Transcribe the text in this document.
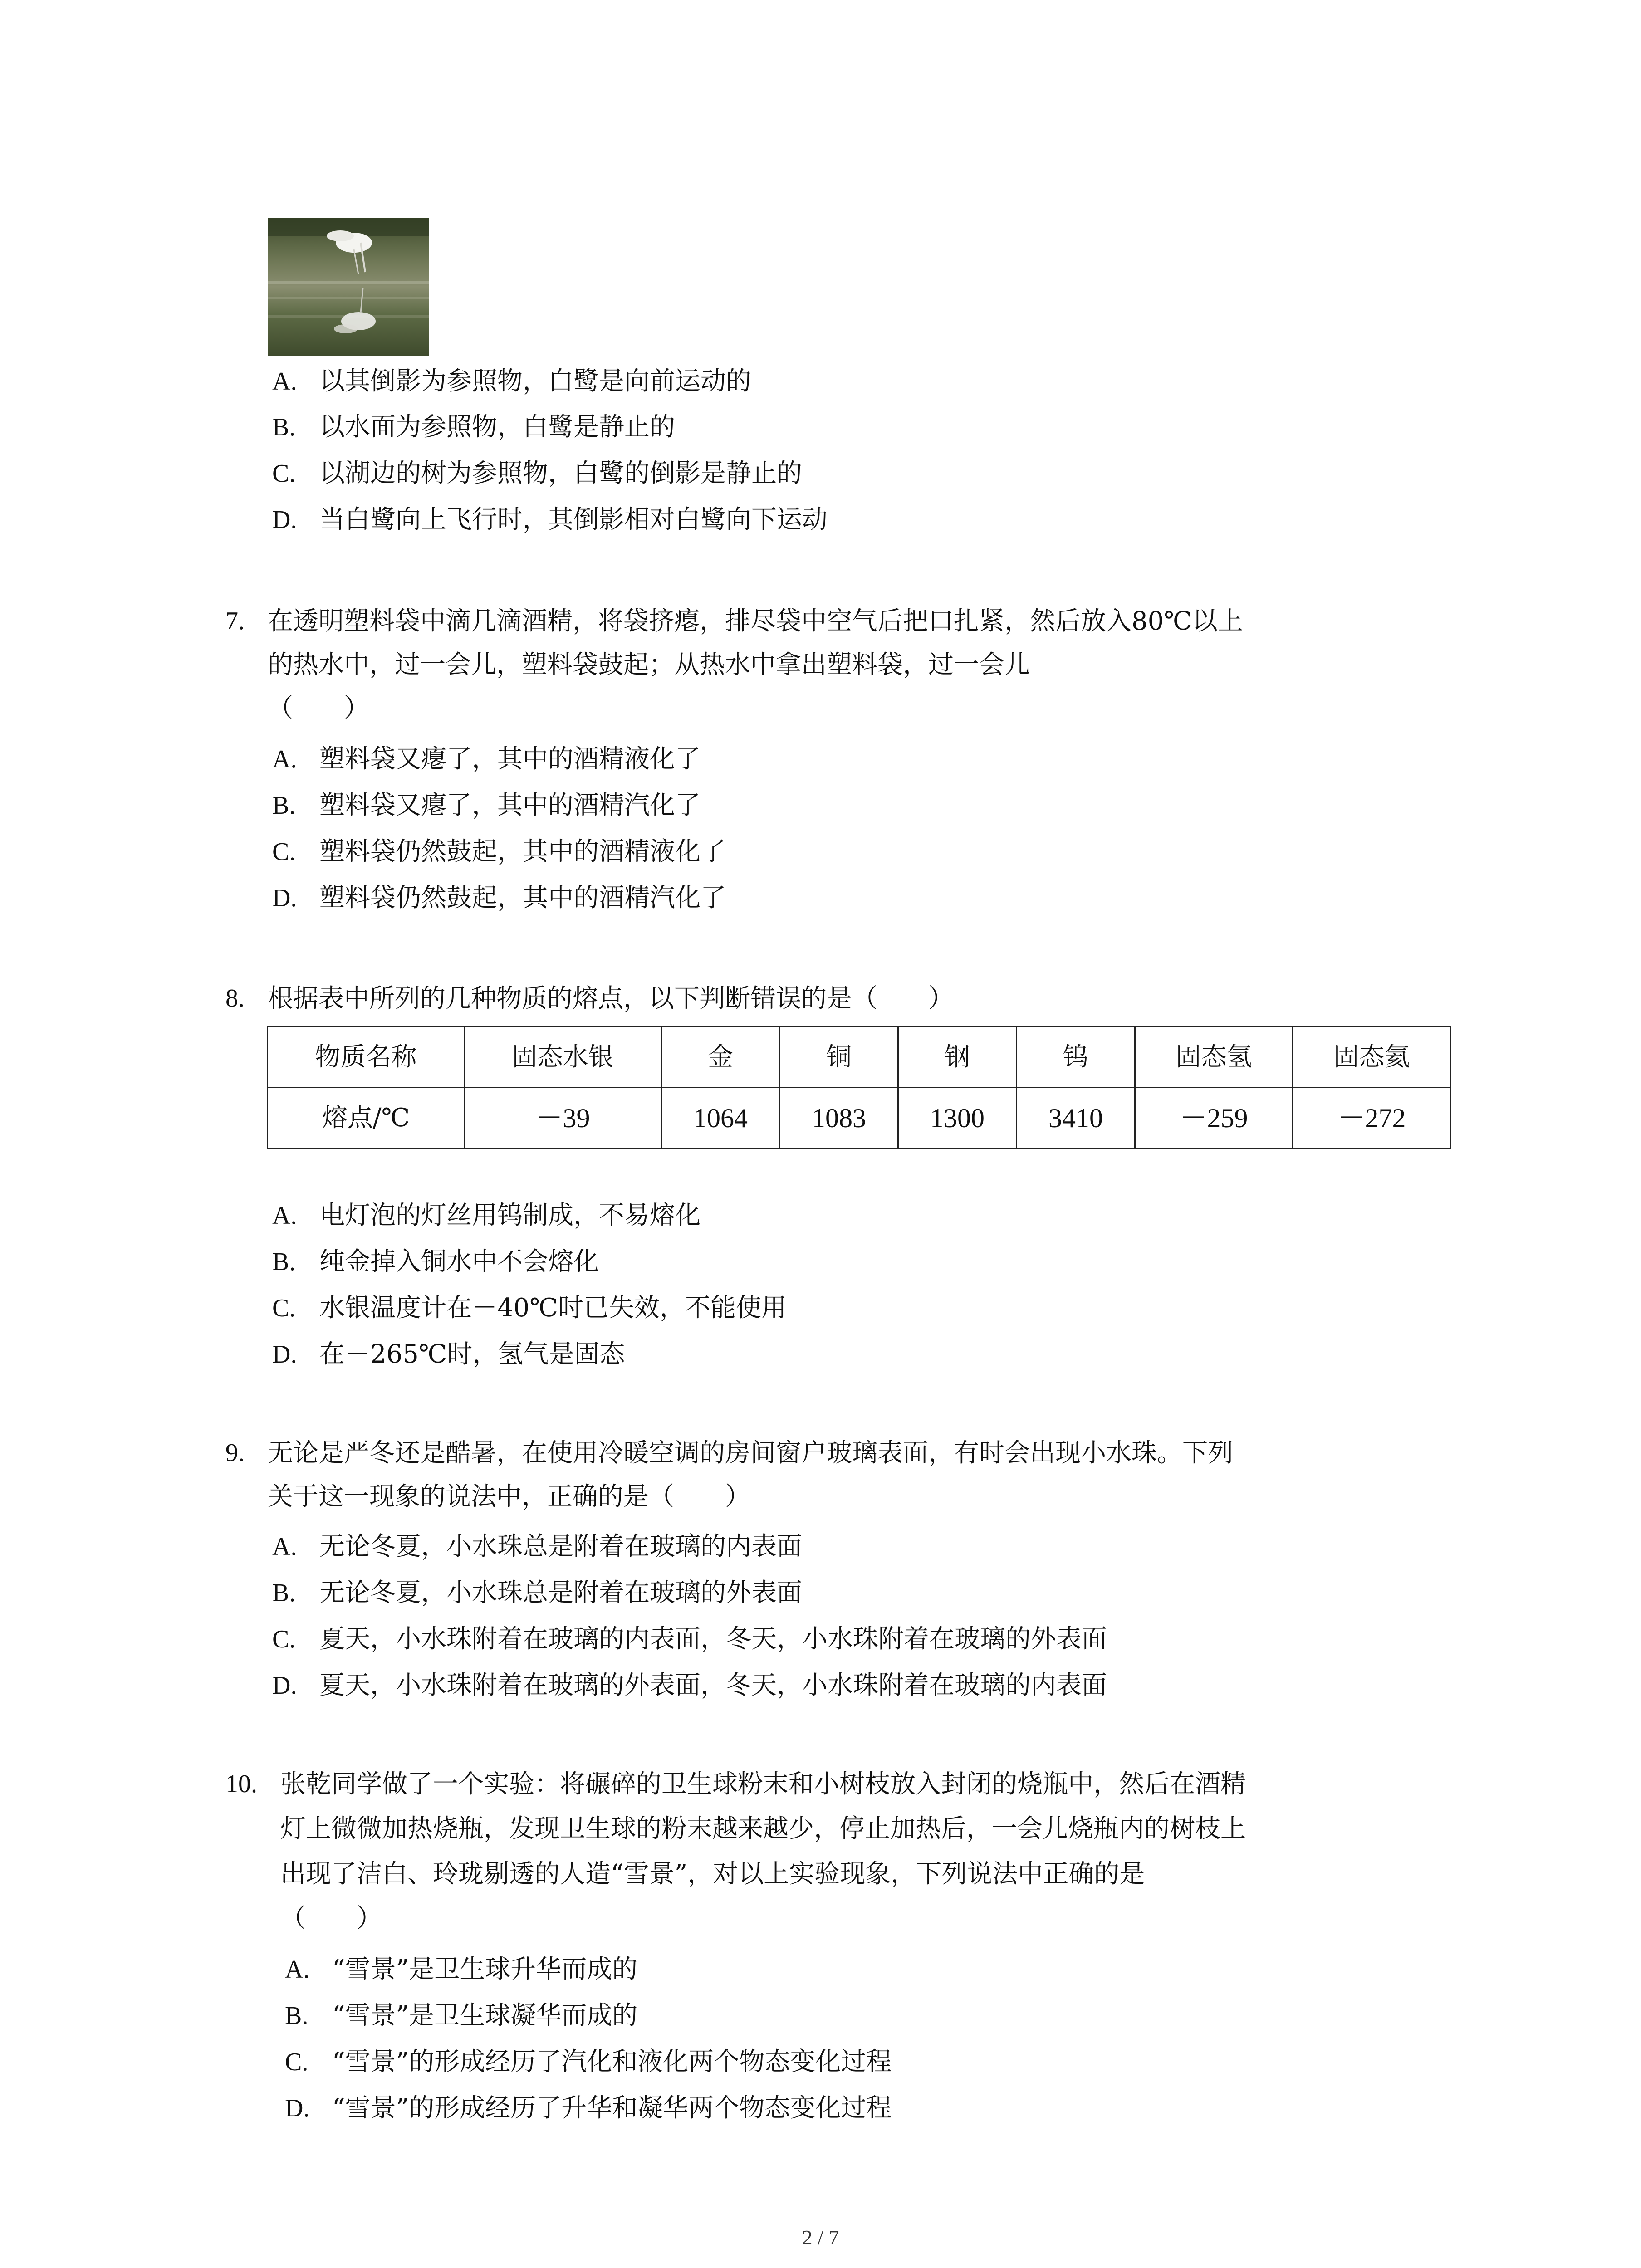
A. 以其倒影为参照物，白鹭是向前运动的
B. 以水面为参照物，白鹭是静止的
C. 以湖边的树为参照物，白鹭的倒影是静止的
D. 当白鹭向上飞行时，其倒影相对白鹭向下运动
7. 在透明塑料袋中滴几滴酒精，将袋挤瘪，排尽袋中空气后把口扎紧，然后放入80℃以上
的热水中，过一会儿，塑料袋鼓起；从热水中拿出塑料袋，过一会儿
（　　）
A. 塑料袋又瘪了，其中的酒精液化了
B. 塑料袋又瘪了，其中的酒精汽化了
C. 塑料袋仍然鼓起，其中的酒精液化了
D. 塑料袋仍然鼓起，其中的酒精汽化了
8. 根据表中所列的几种物质的熔点，以下判断错误的是（　　）
物质名称	固态水银	金	铜	钢	钨	固态氢	固态氦
熔点/℃	－39	1064	1083	1300	3410	－259	－272
A. 电灯泡的灯丝用钨制成，不易熔化
B. 纯金掉入铜水中不会熔化
C. 水银温度计在－40℃时已失效，不能使用
D. 在－265℃时，氢气是固态
9. 无论是严冬还是酷暑，在使用冷暖空调的房间窗户玻璃表面，有时会出现小水珠。下列
关于这一现象的说法中，正确的是（　　）
A. 无论冬夏，小水珠总是附着在玻璃的内表面
B. 无论冬夏，小水珠总是附着在玻璃的外表面
C. 夏天，小水珠附着在玻璃的内表面，冬天，小水珠附着在玻璃的外表面
D. 夏天，小水珠附着在玻璃的外表面，冬天，小水珠附着在玻璃的内表面
10. 张乾同学做了一个实验：将碾碎的卫生球粉末和小树枝放入封闭的烧瓶中，然后在酒精
灯上微微加热烧瓶，发现卫生球的粉末越来越少，停止加热后，一会儿烧瓶内的树枝上
出现了洁白、玲珑剔透的人造“雪景”，对以上实验现象，下列说法中正确的是
（　　）
A. “雪景”是卫生球升华而成的
B. “雪景”是卫生球凝华而成的
C. “雪景”的形成经历了汽化和液化两个物态变化过程
D. “雪景”的形成经历了升华和凝华两个物态变化过程
2 / 7
